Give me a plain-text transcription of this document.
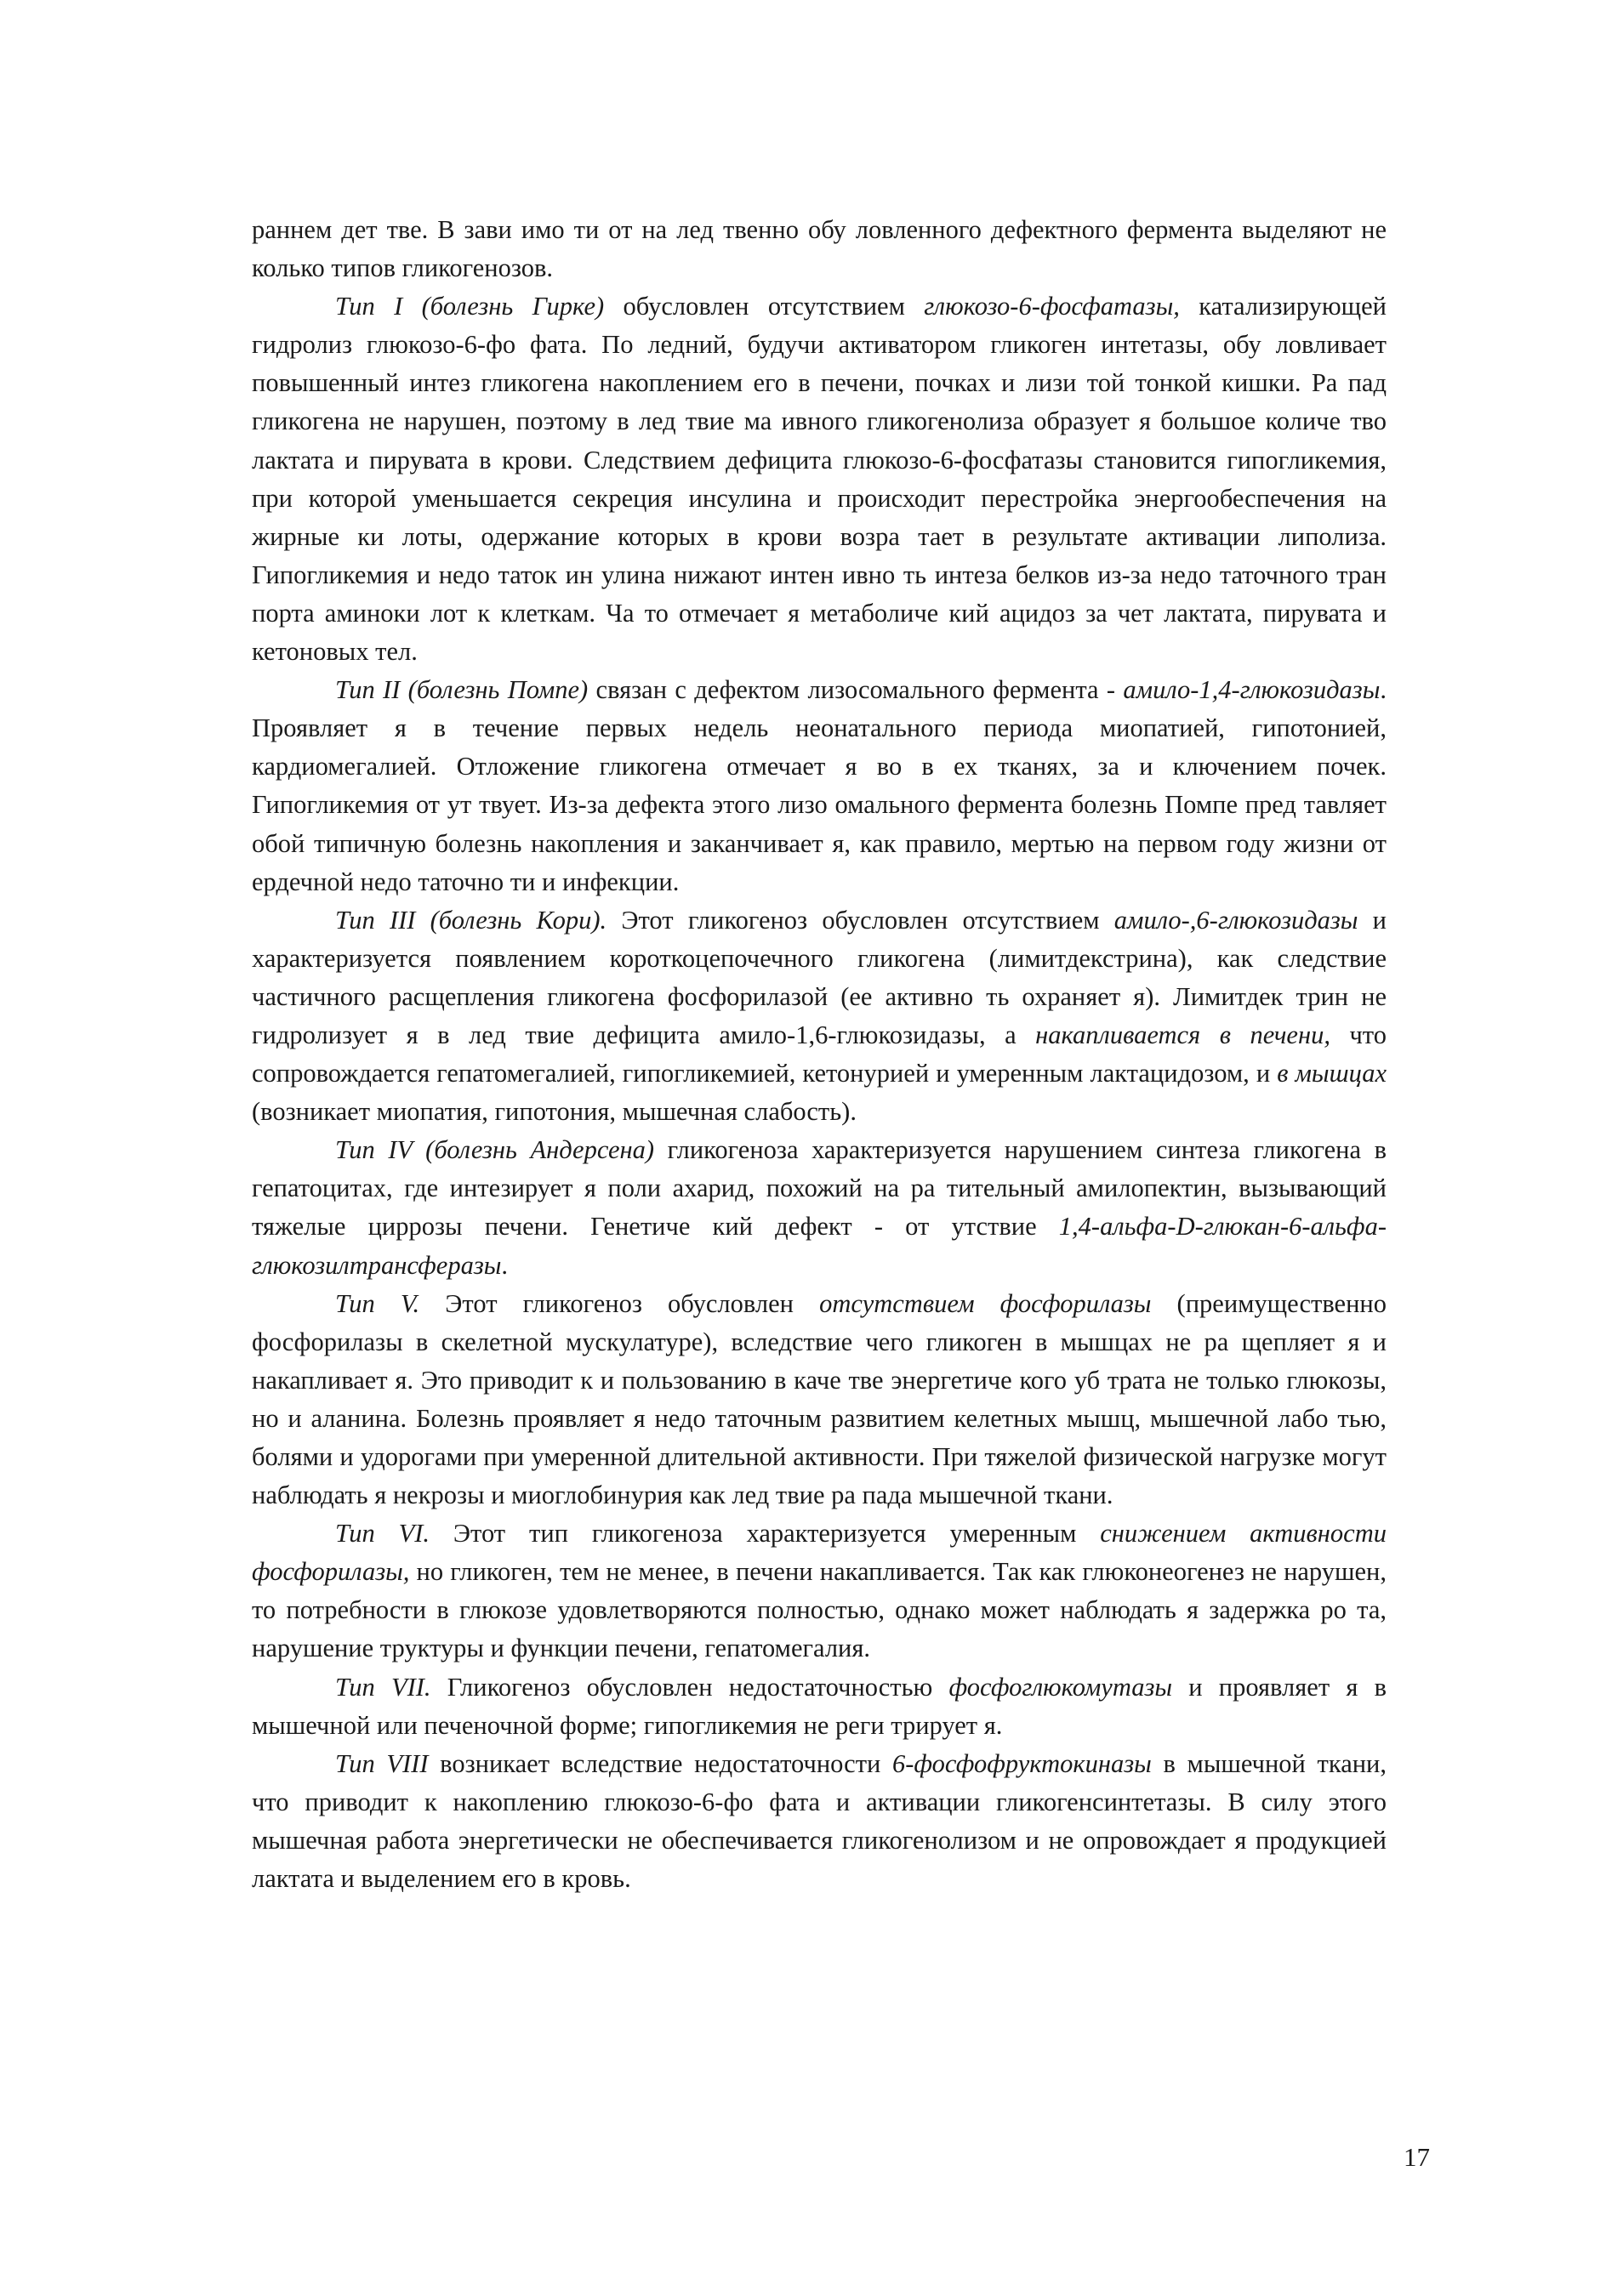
раннем дет тве. В зави имо ти от на лед твенно обу ловленного дефектного фермента выделяют не колько типов гликогенозов.

Тип I (болезнь Гирке) обусловлен отсутствием глюкозо-6-фосфатазы, катализирующей гидролиз глюкозо-6-фо фата. По ледний, будучи активатором гликоген интетазы, обу ловливает повышенный интез гликогена накоплением его в печени, почках и лизи той тонкой кишки. Ра пад гликогена не нарушен, поэтому в лед твие ма ивного гликогенолиза образует я большое количе тво лактата и пирувата в крови. Следствием дефицита глюкозо-6-фосфатазы становится гипогликемия, при которой уменьшается секреция инсулина и происходит перестройка энергообеспечения на жирные ки лоты, одержание которых в крови возра тает в результате активации липолиза. Гипогликемия и недо таток ин улина нижают интен ивно ть интеза белков из-за недо таточного тран порта аминоки лот к клеткам. Ча то отмечает я метаболиче кий ацидоз за чет лактата, пирувата и кетоновых тел.

Тип II (болезнь Помпе) связан с дефектом лизосомального фермента - амило-1,4-глюкозидазы. Проявляет я в течение первых недель неонатального периода миопатией, гипотонией, кардиомегалией. Отложение гликогена отмечает я во в ех тканях, за и ключением почек. Гипогликемия от ут твует. Из-за дефекта этого лизо омального фермента болезнь Помпе пред тавляет обой типичную болезнь накопления и заканчивает я, как правило, мертью на первом году жизни от ердечной недо таточно ти и инфекции.

Тип III (болезнь Кори). Этот гликогеноз обусловлен отсутствием амило-,6-глюкозидазы и характеризуется появлением короткоцепочечного гликогена (лимитдекстрина), как следствие частичного расщепления гликогена фосфорилазой (ее активно ть охраняет я). Лимитдек трин не гидролизует я в лед твие дефицита амило-1,6-глюкозидазы, а накапливается в печени, что сопровождается гепатомегалией, гипогликемией, кетонурией и умеренным лактацидозом, и в мышцах (возникает миопатия, гипотония, мышечная слабость).

Тип IV (болезнь Андерсена) гликогеноза характеризуется нарушением синтеза гликогена в гепатоцитах, где интезирует я поли ахарид, похожий на ра тительный амилопектин, вызывающий тяжелые циррозы печени. Генетиче кий дефект - от утствие 1,4-альфа-D-глюкан-6-альфа-глюкозилтрансферазы.

Тип V. Этот гликогеноз обусловлен отсутствием фосфорилазы (преимущественно фосфорилазы в скелетной мускулатуре), вследствие чего гликоген в мышцах не ра щепляет я и накапливает я. Это приводит к и пользованию в каче тве энергетиче кого уб трата не только глюкозы, но и аланина. Болезнь проявляет я недо таточным развитием келетных мышц, мышечной лабо тью, болями и удорогами при умеренной длительной активности. При тяжелой физической нагрузке могут наблюдать я некрозы и миоглобинурия как лед твие ра пада мышечной ткани.

Тип VI. Этот тип гликогеноза характеризуется умеренным снижением активности фосфорилазы, но гликоген, тем не менее, в печени накапливается. Так как глюконеогенез не нарушен, то потребности в глюкозе удовлетворяются полностью, однако может наблюдать я задержка ро та, нарушение труктуры и функции печени, гепатомегалия.

Тип VII. Гликогеноз обусловлен недостаточностью фосфоглюкомутазы и проявляет я в мышечной или печеночной форме; гипогликемия не реги трирует я.

Тип VIII возникает вследствие недостаточности 6-фосфофруктокиназы в мышечной ткани, что приводит к накоплению глюкозо-6-фо фата и активации гликогенсинтетазы. В силу этого мышечная работа энергетически не обеспечивается гликогенолизом и не опровождает я продукцией лактата и выделением его в кровь.

17
